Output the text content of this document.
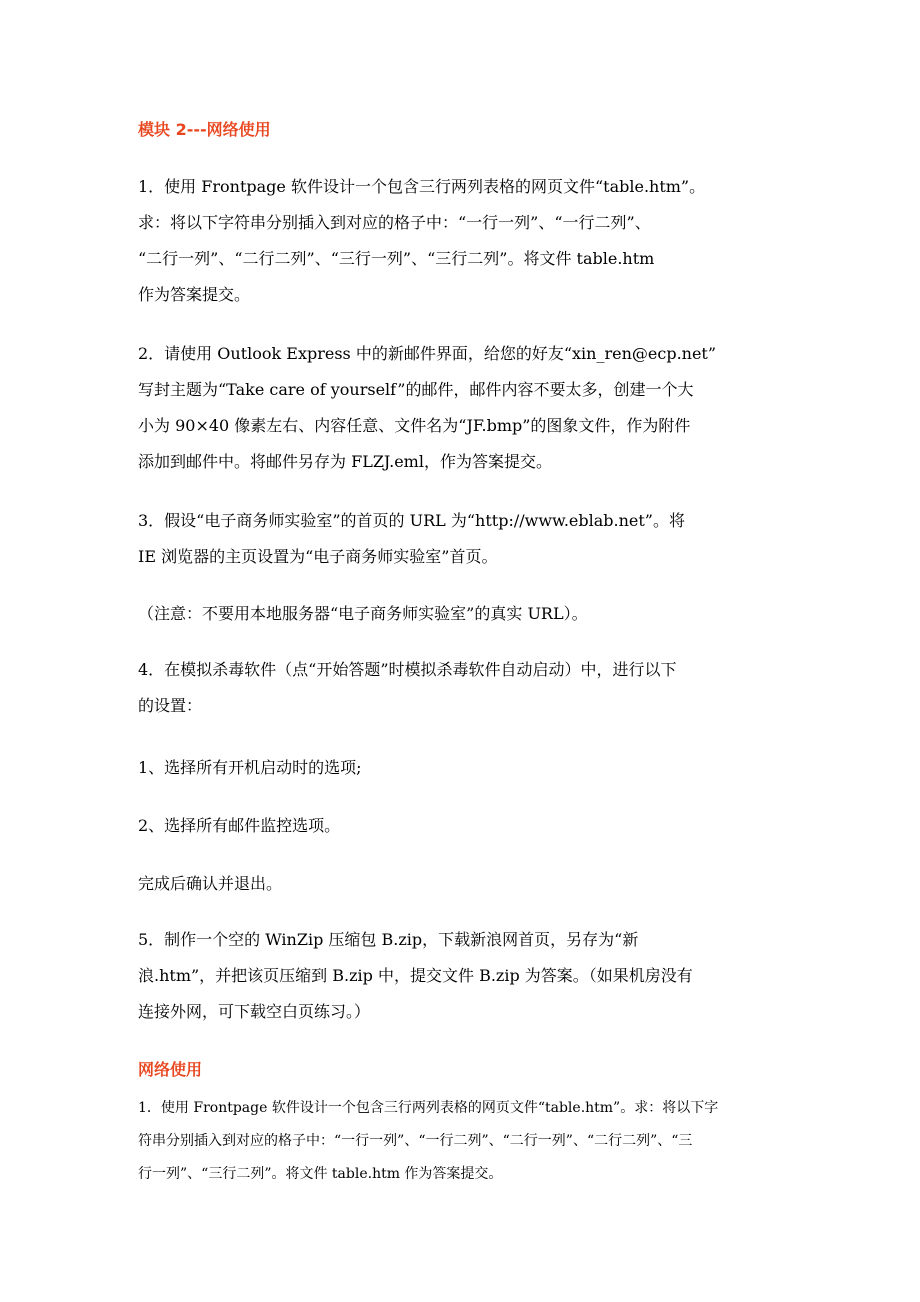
模块 2---网络使用
1．使用 Frontpage 软件设计一个包含三行两列表格的网页文件“table.htm”。
求：将以下字符串分别插入到对应的格子中：“一行一列”、“一行二列”、
“二行一列”、“二行二列”、“三行一列”、“三行二列”。将文件 table.htm
作为答案提交。
2．请使用 Outlook Express 中的新邮件界面，给您的好友“xin_ren@ecp.net”
写封主题为“Take care of yourself”的邮件，邮件内容不要太多，创建一个大
小为 90×40 像素左右、内容任意、文件名为“JF.bmp”的图象文件，作为附件
添加到邮件中。将邮件另存为 FLZJ.eml，作为答案提交。
3．假设“电子商务师实验室”的首页的 URL 为“http://www.eblab.net”。将
IE 浏览器的主页设置为“电子商务师实验室”首页。
（注意：不要用本地服务器“电子商务师实验室”的真实 URL）。
4．在模拟杀毒软件（点“开始答题”时模拟杀毒软件自动启动）中，进行以下
的设置：
1、选择所有开机启动时的选项;
2、选择所有邮件监控选项。
完成后确认并退出。
5．制作一个空的 WinZip 压缩包 B.zip，下载新浪网首页，另存为“新
浪.htm”，并把该页压缩到 B.zip 中，提交文件 B.zip 为答案。（如果机房没有
连接外网，可下载空白页练习。）
网络使用
1．使用 Frontpage 软件设计一个包含三行两列表格的网页文件“table.htm”。求：将以下字
符串分别插入到对应的格子中：“一行一列”、“一行二列”、“二行一列”、“二行二列”、“三
行一列”、“三行二列”。将文件 table.htm 作为答案提交。
